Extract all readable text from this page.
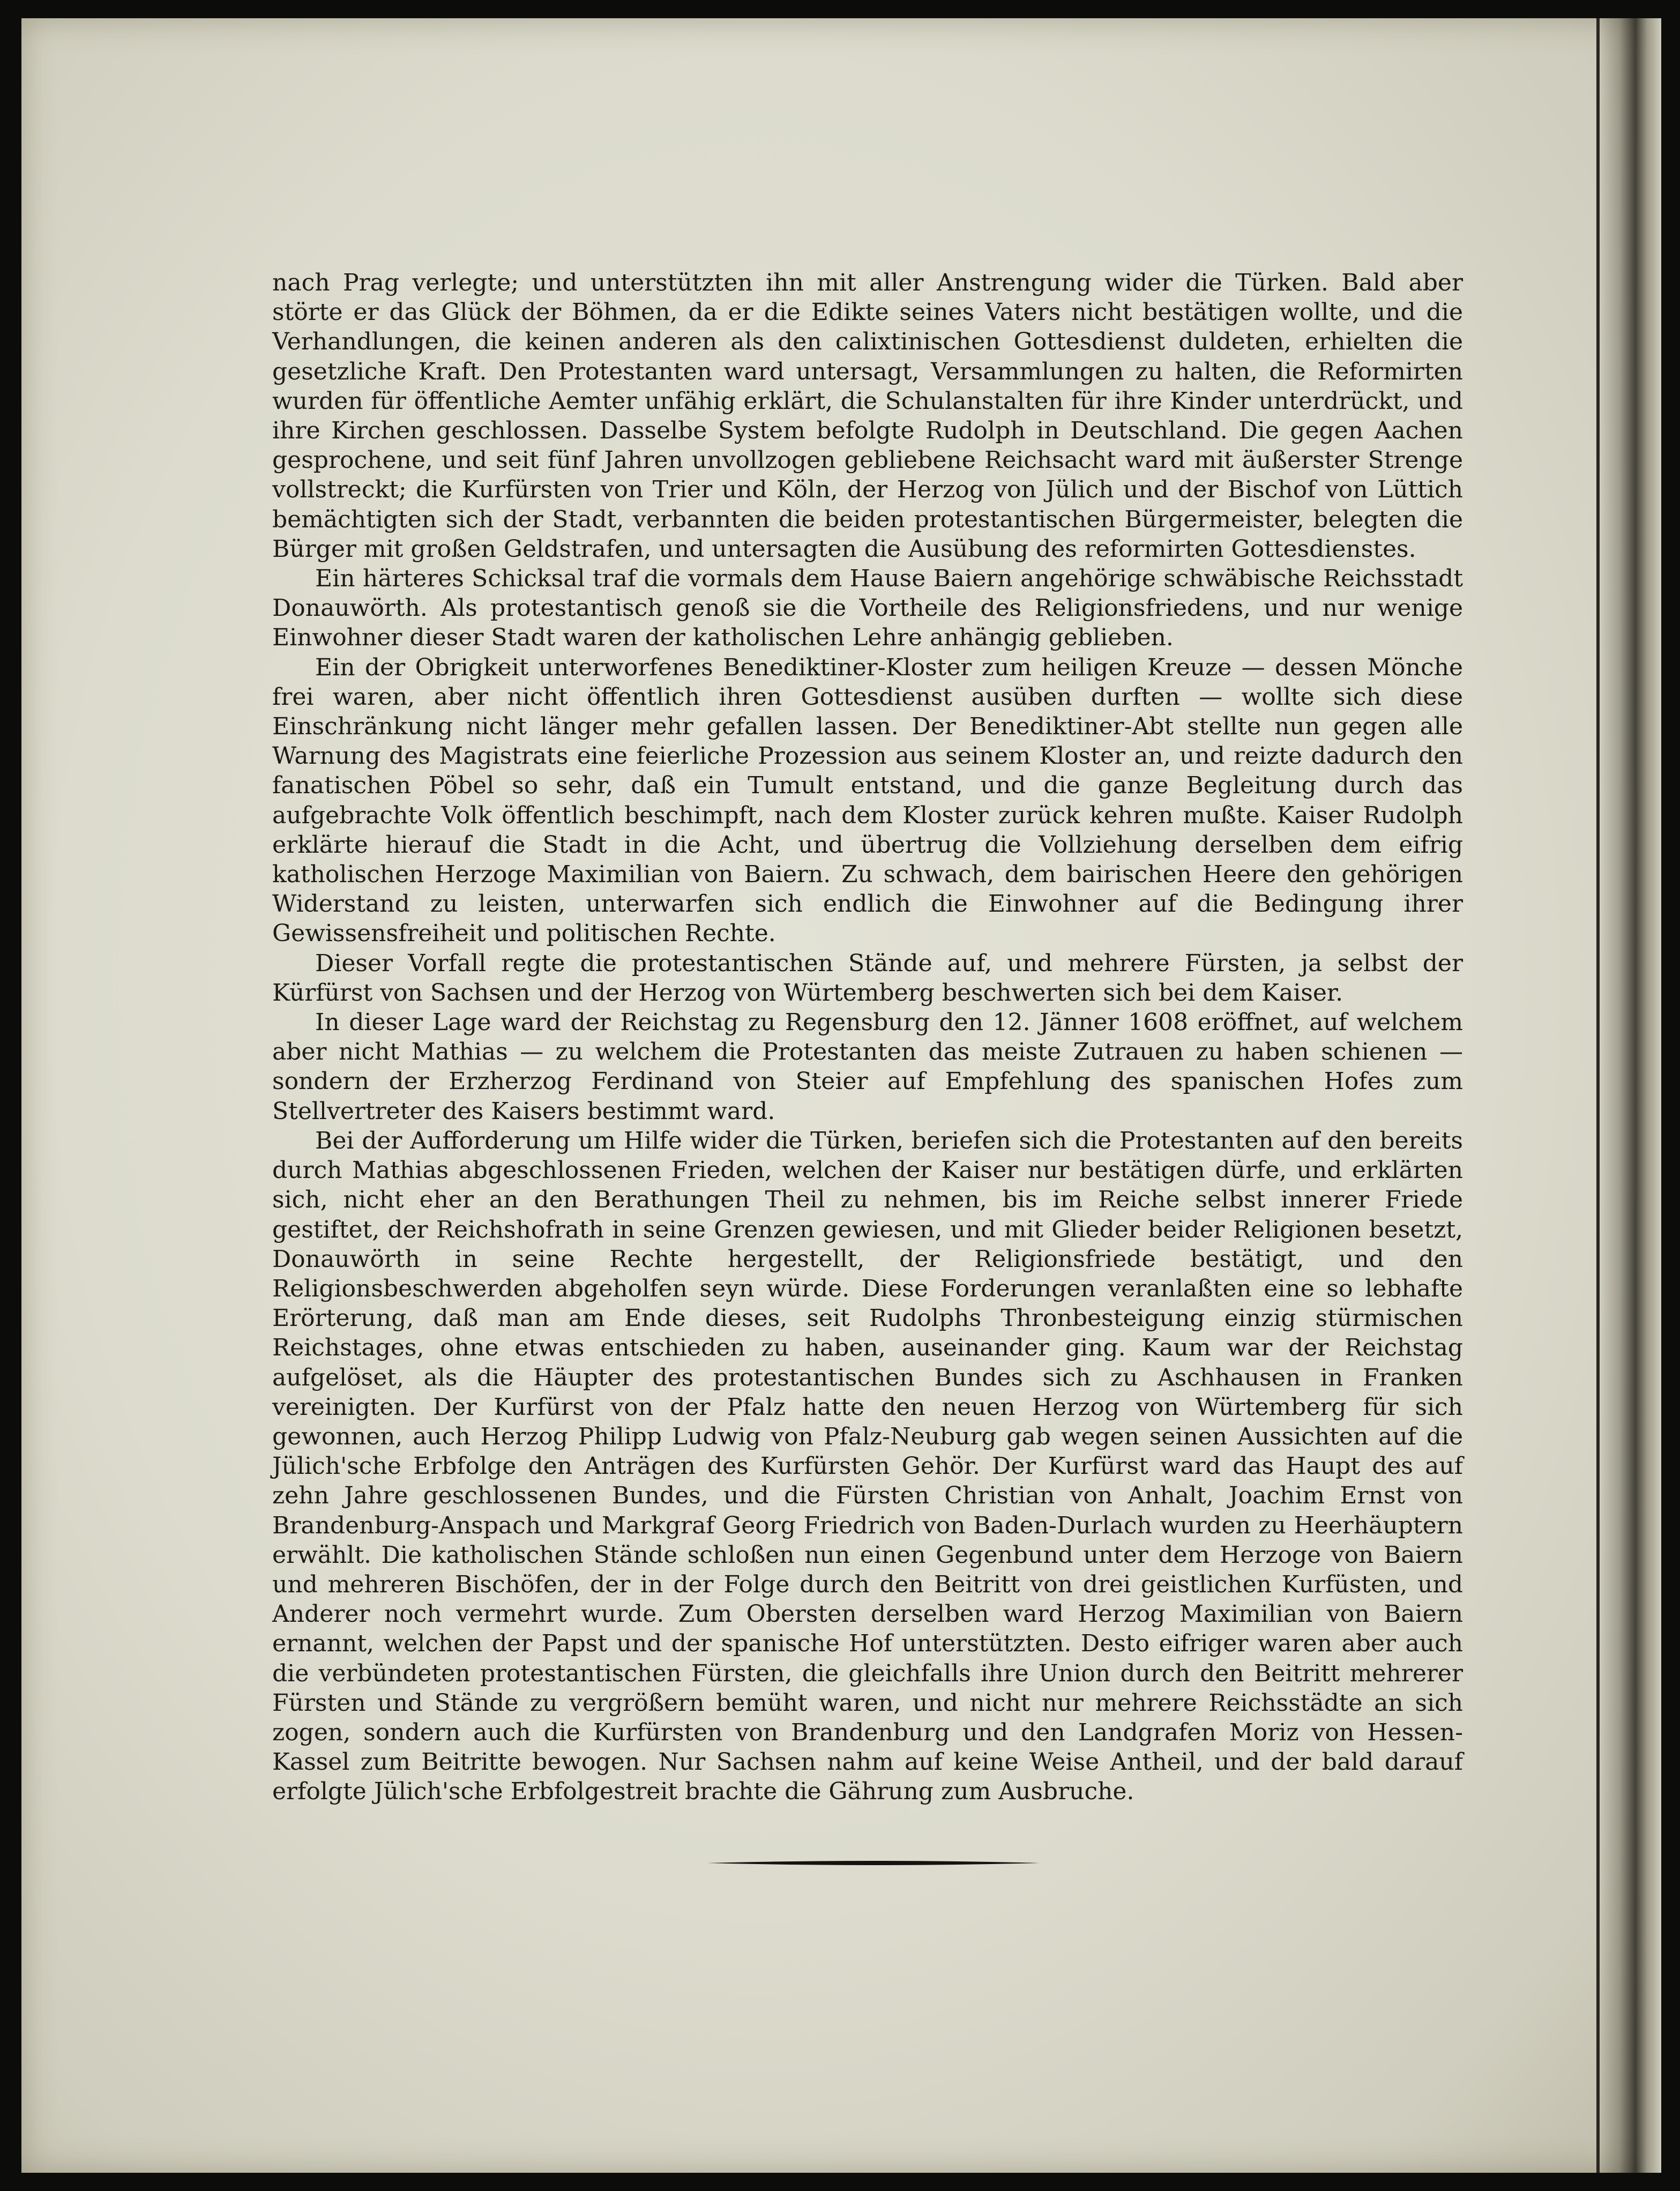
nach Prag verlegte; und unterstützten ihn mit aller Anstrengung wider die Türken. Bald aber störte er das Glück der Böhmen, da er die Edikte seines Vaters nicht bestätigen wollte, und die Verhandlungen, die keinen anderen als den calixtinischen Gottesdienst duldeten, erhielten die gesetzliche Kraft. Den Protestanten ward untersagt, Versammlungen zu halten, die Reformirten wurden für öffentliche Aemter unfähig erklärt, die Schulanstalten für ihre Kinder unterdrückt, und ihre Kirchen geschlossen. Dasselbe System befolgte Rudolph in Deutschland. Die gegen Aachen gesprochene, und seit fünf Jahren unvollzogen gebliebene Reichsacht ward mit äußerster Strenge vollstreckt; die Kurfürsten von Trier und Köln, der Herzog von Jülich und der Bischof von Lüttich bemächtigten sich der Stadt, verbannten die beiden protestantischen Bürgermeister, belegten die Bürger mit großen Geldstrafen, und untersagten die Ausübung des reformirten Gottesdienstes.

Ein härteres Schicksal traf die vormals dem Hause Baiern angehörige schwäbische Reichsstadt Donauwörth. Als protestantisch genoß sie die Vortheile des Religionsfriedens, und nur wenige Einwohner dieser Stadt waren der katholischen Lehre anhängig geblieben.

Ein der Obrigkeit unterworfenes Benediktiner-Kloster zum heiligen Kreuze — dessen Mönche frei waren, aber nicht öffentlich ihren Gottesdienst ausüben durften — wollte sich diese Einschränkung nicht länger mehr gefallen lassen. Der Benediktiner-Abt stellte nun gegen alle Warnung des Magistrats eine feierliche Prozession aus seinem Kloster an, und reizte dadurch den fanatischen Pöbel so sehr, daß ein Tumult entstand, und die ganze Begleitung durch das aufgebrachte Volk öffentlich beschimpft, nach dem Kloster zurück kehren mußte. Kaiser Rudolph erklärte hierauf die Stadt in die Acht, und übertrug die Vollziehung derselben dem eifrig katholischen Herzoge Maximilian von Baiern. Zu schwach, dem bairischen Heere den gehörigen Widerstand zu leisten, unterwarfen sich endlich die Einwohner auf die Bedingung ihrer Gewissensfreiheit und politischen Rechte.

Dieser Vorfall regte die protestantischen Stände auf, und mehrere Fürsten, ja selbst der Kürfürst von Sachsen und der Herzog von Würtemberg beschwerten sich bei dem Kaiser.

In dieser Lage ward der Reichstag zu Regensburg den 12. Jänner 1608 eröffnet, auf welchem aber nicht Mathias — zu welchem die Protestanten das meiste Zutrauen zu haben schienen — sondern der Erzherzog Ferdinand von Steier auf Empfehlung des spanischen Hofes zum Stellvertreter des Kaisers bestimmt ward.

Bei der Aufforderung um Hilfe wider die Türken, beriefen sich die Protestanten auf den bereits durch Mathias abgeschlossenen Frieden, welchen der Kaiser nur bestätigen dürfe, und erklärten sich, nicht eher an den Berathungen Theil zu nehmen, bis im Reiche selbst innerer Friede gestiftet, der Reichshofrath in seine Grenzen gewiesen, und mit Glieder beider Religionen besetzt, Donauwörth in seine Rechte hergestellt, der Religionsfriede bestätigt, und den Religionsbeschwerden abgeholfen seyn würde. Diese Forderungen veranlaßten eine so lebhafte Erörterung, daß man am Ende dieses, seit Rudolphs Thronbesteigung einzig stürmischen Reichstages, ohne etwas entschieden zu haben, auseinander ging. Kaum war der Reichstag aufgelöset, als die Häupter des protestantischen Bundes sich zu Aschhausen in Franken vereinigten. Der Kurfürst von der Pfalz hatte den neuen Herzog von Würtemberg für sich gewonnen, auch Herzog Philipp Ludwig von Pfalz-Neuburg gab wegen seinen Aussichten auf die Jülich'sche Erbfolge den Anträgen des Kurfürsten Gehör. Der Kurfürst ward das Haupt des auf zehn Jahre geschlossenen Bundes, und die Fürsten Christian von Anhalt, Joachim Ernst von Brandenburg-Anspach und Markgraf Georg Friedrich von Baden-Durlach wurden zu Heerhäuptern erwählt. Die katholischen Stände schloßen nun einen Gegenbund unter dem Herzoge von Baiern und mehreren Bischöfen, der in der Folge durch den Beitritt von drei geistlichen Kurfüsten, und Anderer noch vermehrt wurde. Zum Obersten derselben ward Herzog Maximilian von Baiern ernannt, welchen der Papst und der spanische Hof unterstützten. Desto eifriger waren aber auch die verbündeten protestantischen Fürsten, die gleichfalls ihre Union durch den Beitritt mehrerer Fürsten und Stände zu vergrößern bemüht waren, und nicht nur mehrere Reichsstädte an sich zogen, sondern auch die Kurfürsten von Brandenburg und den Landgrafen Moriz von Hessen-Kassel zum Beitritte bewogen. Nur Sachsen nahm auf keine Weise Antheil, und der bald darauf erfolgte Jülich'sche Erbfolgestreit brachte die Gährung zum Ausbruche.
